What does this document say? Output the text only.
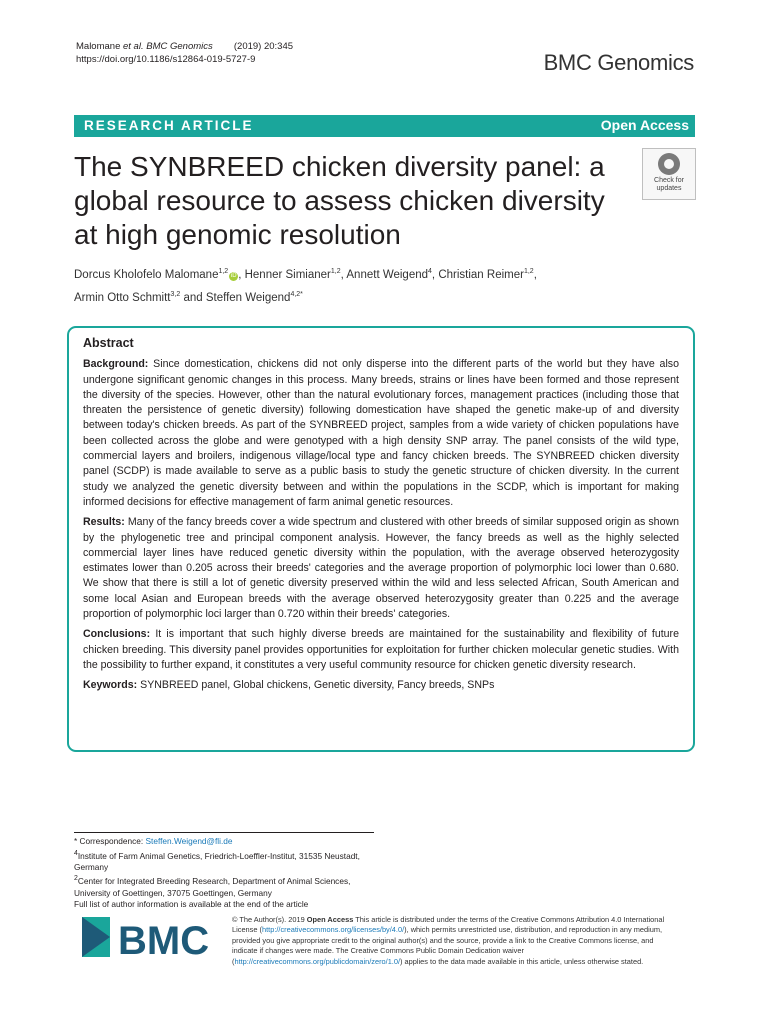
Malomane et al. BMC Genomics (2019) 20:345
https://doi.org/10.1186/s12864-019-5727-9	BMC Genomics
RESEARCH ARTICLE	Open Access
The SYNBREED chicken diversity panel: a global resource to assess chicken diversity at high genomic resolution
Check for
updates
Dorcus Kholofelo Malomane$^{1,2}$iD , Henner Simianer$^{1,2}$, Annett Weigend$^4$, Christian Reimer$^{1,2}$,
Armin Otto Schmitt$^{3,2}$ and Steffen Weigend$^{4,2*}$
Abstract

Background: Since domestication, chickens did not only disperse into the different parts of the world but they have also undergone significant genomic changes in this process. Many breeds, strains or lines have been formed and those represent the diversity of the species. However, other than the natural evolutionary forces, management practices (including those that threaten the persistence of genetic diversity) following domestication have shaped the genetic make-up of and diversity between today's chicken breeds. As part of the SYNBREED project, samples from a wide variety of chicken populations have been collected across the globe and were genotyped with a high density SNP array. The panel consists of the wild type, commercial layers and broilers, indigenous village/local type and fancy chicken breeds. The SYNBREED chicken diversity panel (SCDP) is made available to serve as a public basis to study the genetic structure of chicken diversity. In the current study we analyzed the genetic diversity between and within the populations in the SCDP, which is important for making informed decisions for effective management of farm animal genetic resources.

Results: Many of the fancy breeds cover a wide spectrum and clustered with other breeds of similar supposed origin as shown by the phylogenetic tree and principal component analysis. However, the fancy breeds as well as the highly selected commercial layer lines have reduced genetic diversity within the population, with the average observed heterozygosity estimates lower than 0.205 across their breeds' categories and the average proportion of polymorphic loci lower than 0.680. We show that there is still a lot of genetic diversity preserved within the wild and less selected African, South American and some local Asian and European breeds with the average observed heterozygosity greater than 0.225 and the average proportion of polymorphic loci larger than 0.720 within their breeds' categories.

Conclusions: It is important that such highly diverse breeds are maintained for the sustainability and flexibility of future chicken breeding. This diversity panel provides opportunities for exploitation for further chicken molecular genetic studies. With the possibility to further expand, it constitutes a very useful community resource for chicken genetic diversity research.

Keywords: SYNBREED panel, Global chickens, Genetic diversity, Fancy breeds, SNPs

* Correspondence: Steffen.Weigend@fli.de
$^4$Institute of Farm Animal Genetics, Friedrich-Loeffler-Institut, 31535 Neustadt, Germany
$^2$Center for Integrated Breeding Research, Department of Animal Sciences, University of Goettingen, 37075 Goettingen, Germany
Full list of author information is available at the end of the article
BMC	© The Author(s). 2019 Open Access This article is distributed under the terms of the Creative Commons Attribution 4.0 International License (http://creativecommons.org/licenses/by/4.0/), which permits unrestricted use, distribution, and reproduction in any medium, provided you give appropriate credit to the original author(s) and the source, provide a link to the Creative Commons license, and indicate if changes were made. The Creative Commons Public Domain Dedication waiver (http://creativecommons.org/publicdomain/zero/1.0/) applies to the data made available in this article, unless otherwise stated.
